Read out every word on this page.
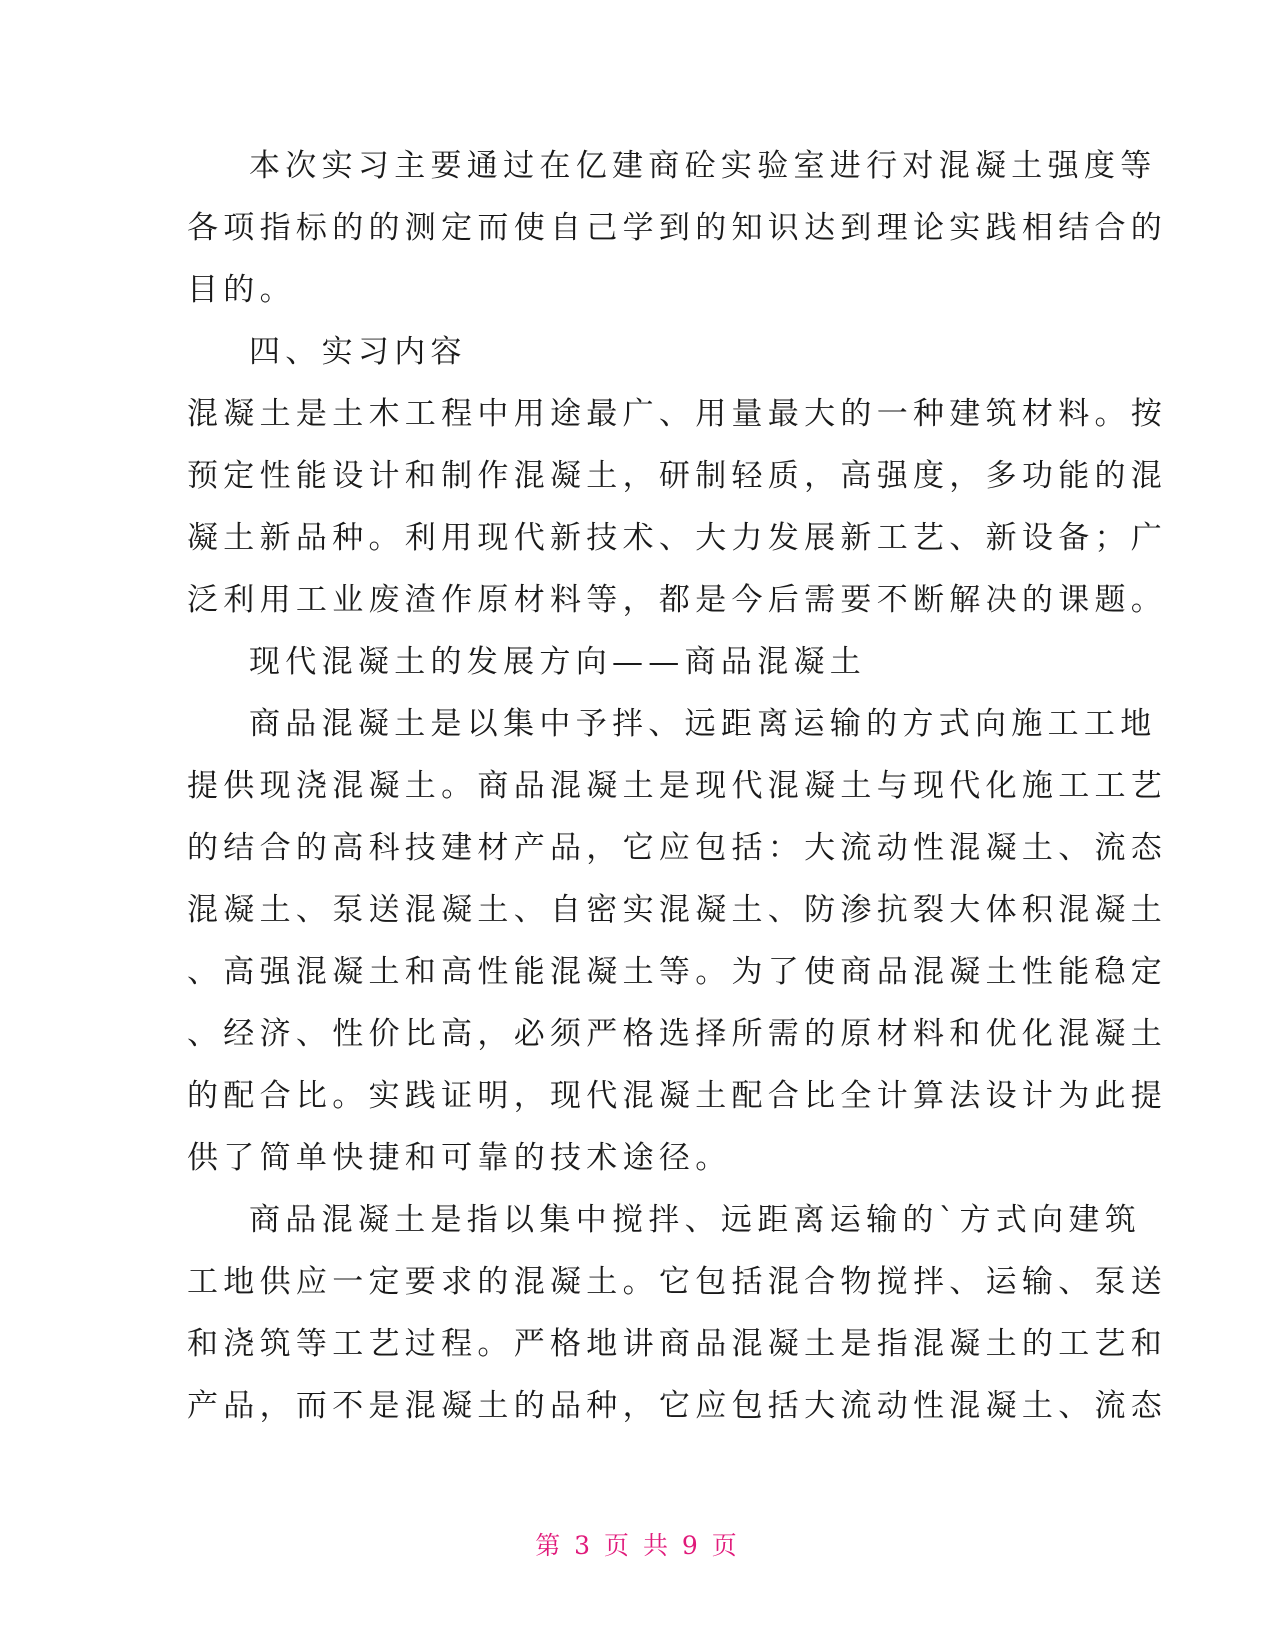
本次实习主要通过在亿建商砼实验室进行对混凝土强度等
各项指标的的测定而使自己学到的知识达到理论实践相结合的
目的。
四、实习内容
混凝土是土木工程中用途最广、用量最大的一种建筑材料。按
预定性能设计和制作混凝土，研制轻质，高强度，多功能的混
凝土新品种。利用现代新技术、大力发展新工艺、新设备；广
泛利用工业废渣作原材料等，都是今后需要不断解决的课题。
现代混凝土的发展方向——商品混凝土
商品混凝土是以集中予拌、远距离运输的方式向施工工地
提供现浇混凝土。商品混凝土是现代混凝土与现代化施工工艺
的结合的高科技建材产品，它应包括：大流动性混凝土、流态
混凝土、泵送混凝土、自密实混凝土、防渗抗裂大体积混凝土
、高强混凝土和高性能混凝土等。为了使商品混凝土性能稳定
、经济、性价比高，必须严格选择所需的原材料和优化混凝土
的配合比。实践证明，现代混凝土配合比全计算法设计为此提
供了简单快捷和可靠的技术途径。
商品混凝土是指以集中搅拌、远距离运输的`方式向建筑
工地供应一定要求的混凝土。它包括混合物搅拌、运输、泵送
和浇筑等工艺过程。严格地讲商品混凝土是指混凝土的工艺和
产品，而不是混凝土的品种，它应包括大流动性混凝土、流态
第 3 页 共 9 页
